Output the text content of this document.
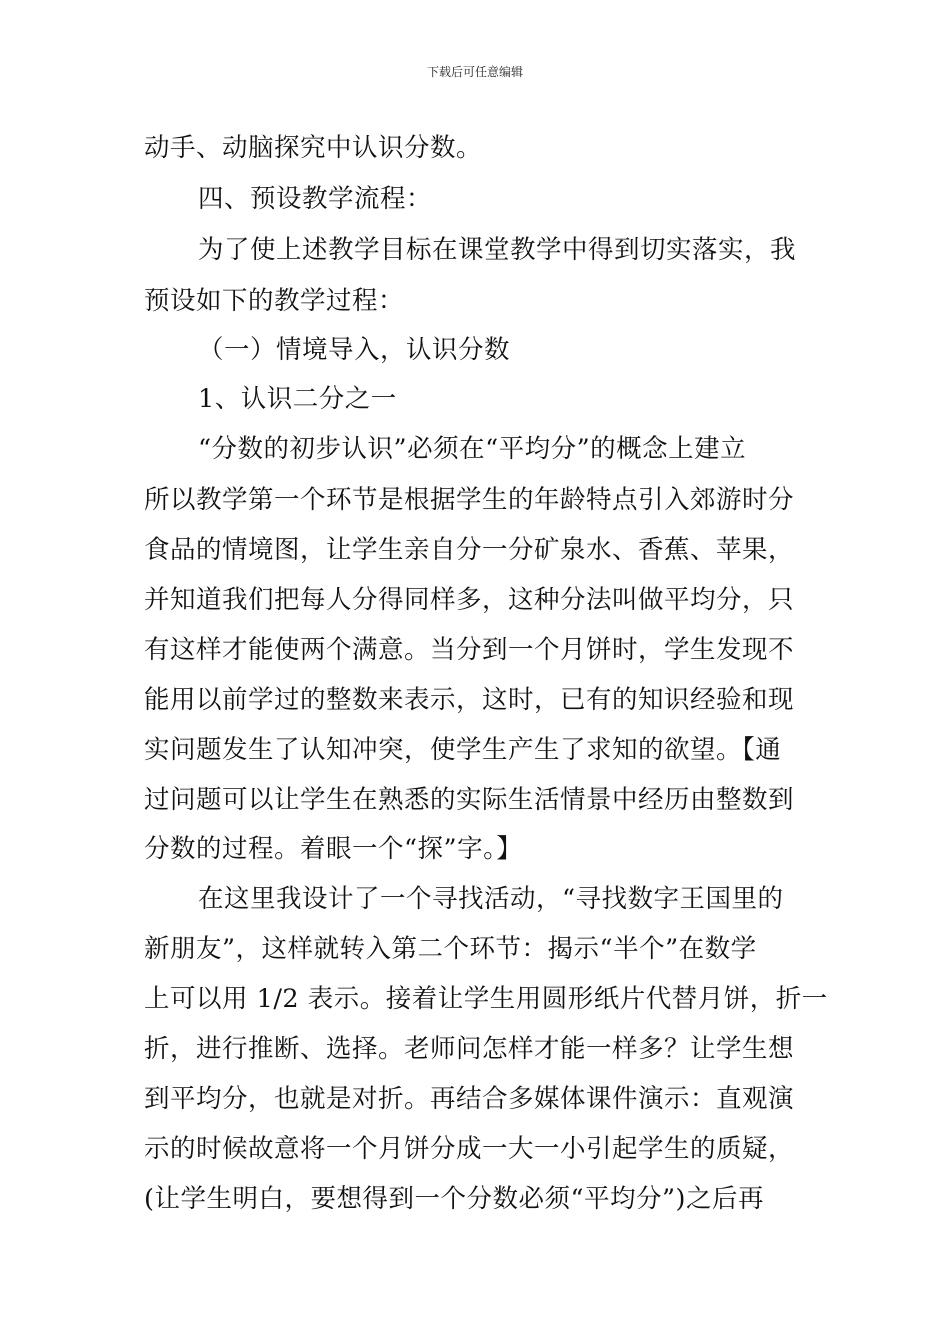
下载后可任意编辑
动手、动脑探究中认识分数。
四、预设教学流程：
为了使上述教学目标在课堂教学中得到切实落实，我
预设如下的教学过程：
（一）情境导入，认识分数
1、认识二分之一
“分数的初步认识”必须在“平均分”的概念上建立
所以教学第一个环节是根据学生的年龄特点引入郊游时分
食品的情境图，让学生亲自分一分矿泉水、香蕉、苹果，
并知道我们把每人分得同样多，这种分法叫做平均分，只
有这样才能使两个满意。当分到一个月饼时，学生发现不
能用以前学过的整数来表示，这时，已有的知识经验和现
实问题发生了认知冲突，使学生产生了求知的欲望。【通
过问题可以让学生在熟悉的实际生活情景中经历由整数到
分数的过程。着眼一个“探”字。】
在这里我设计了一个寻找活动，“寻找数字王国里的
新朋友”，这样就转入第二个环节：揭示“半个”在数学
上可以用 1/2 表示。接着让学生用圆形纸片代替月饼，折一
折，进行推断、选择。老师问怎样才能一样多？让学生想
到平均分，也就是对折。再结合多媒体课件演示：直观演
示的时候故意将一个月饼分成一大一小引起学生的质疑，
(让学生明白，要想得到一个分数必须“平均分”)之后再
